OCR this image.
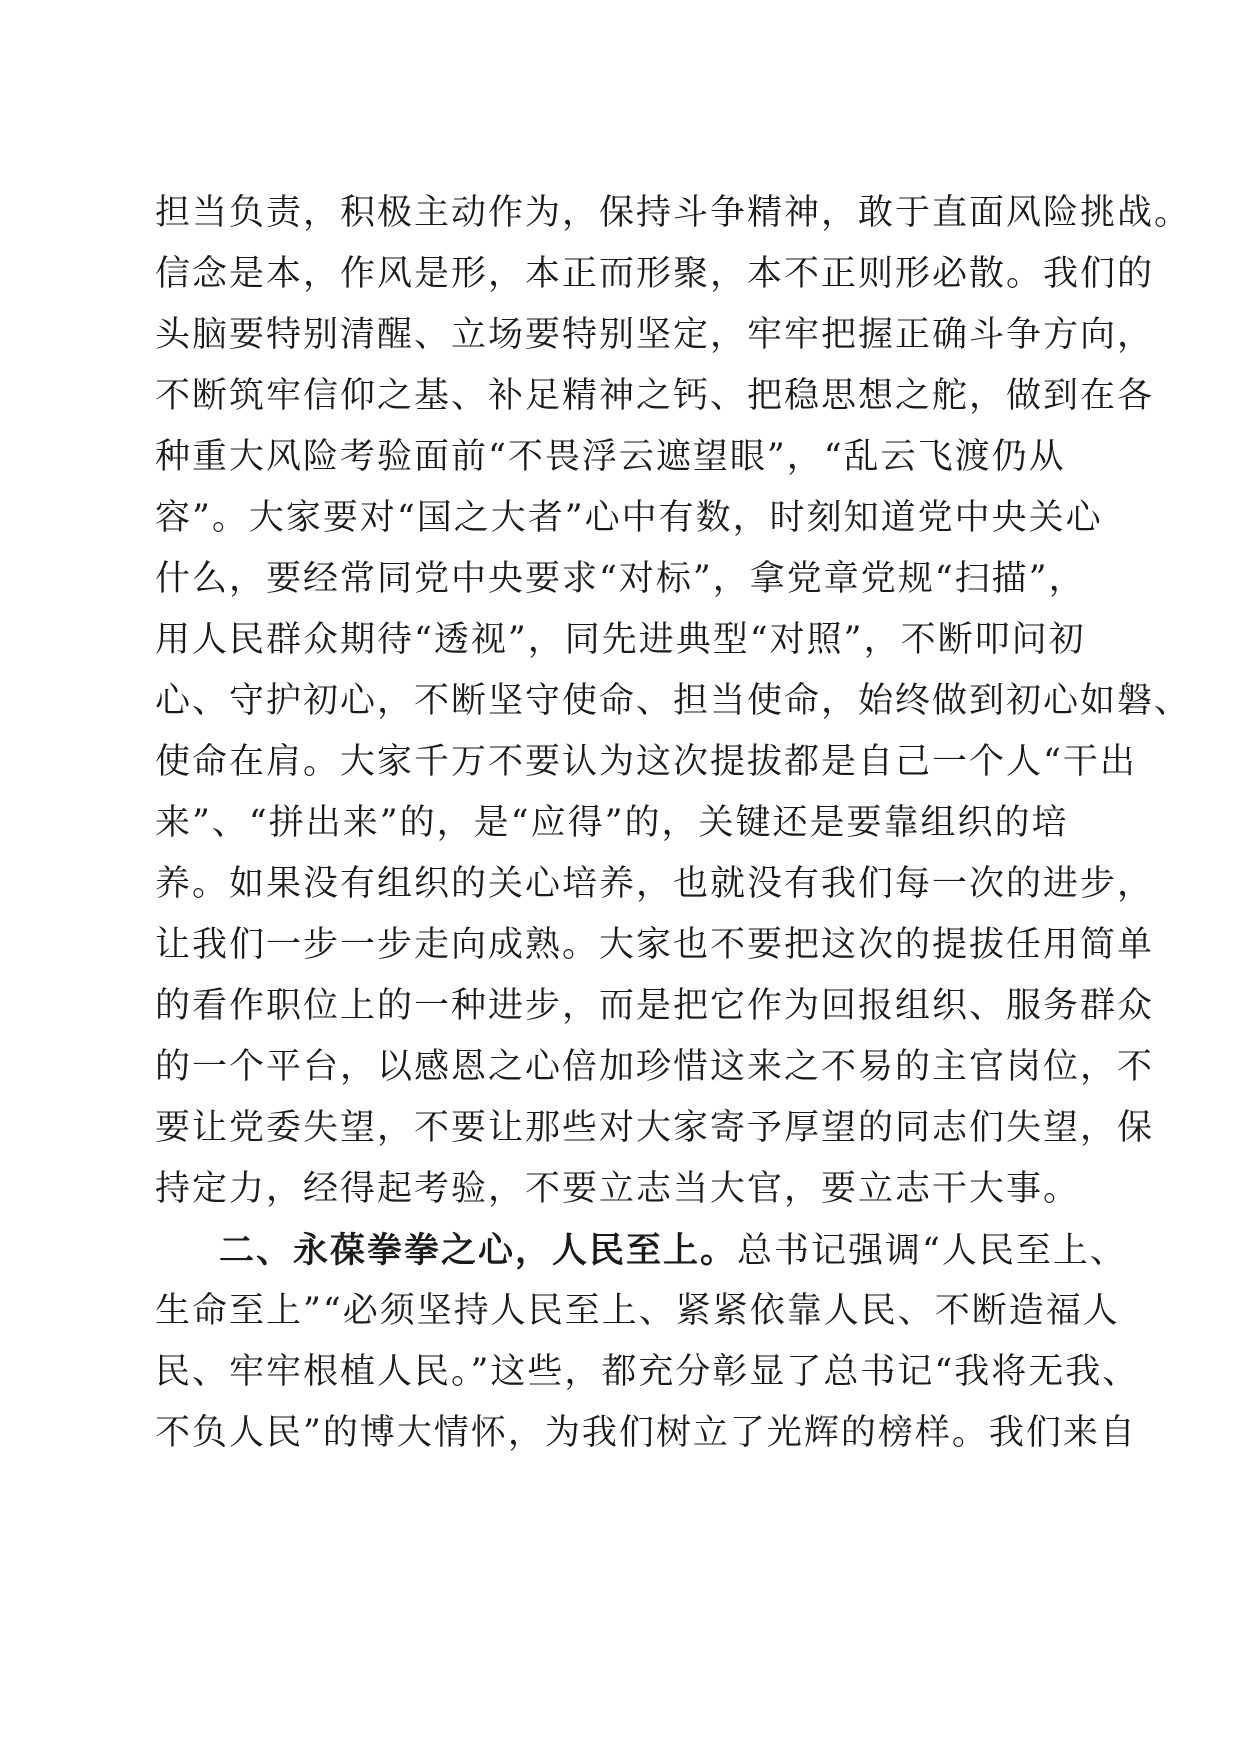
担当负责，积极主动作为，保持斗争精神，敢于直面风险挑战。
信念是本，作风是形，本正而形聚，本不正则形必散。我们的
头脑要特别清醒、立场要特别坚定，牢牢把握正确斗争方向，
不断筑牢信仰之基、补足精神之钙、把稳思想之舵，做到在各
种重大风险考验面前“不畏浮云遮望眼”，“乱云飞渡仍从
容”。大家要对“国之大者”心中有数，时刻知道党中央关心
什么，要经常同党中央要求“对标”，拿党章党规“扫描”，
用人民群众期待“透视”，同先进典型“对照”，不断叩问初
心、守护初心，不断坚守使命、担当使命，始终做到初心如磐、
使命在肩。大家千万不要认为这次提拔都是自己一个人“干出
来”、“拼出来”的，是“应得”的，关键还是要靠组织的培
养。如果没有组织的关心培养，也就没有我们每一次的进步，
让我们一步一步走向成熟。大家也不要把这次的提拔任用简单
的看作职位上的一种进步，而是把它作为回报组织、服务群众
的一个平台，以感恩之心倍加珍惜这来之不易的主官岗位，不
要让党委失望，不要让那些对大家寄予厚望的同志们失望，保
持定力，经得起考验，不要立志当大官，要立志干大事。
二、永葆拳拳之心，人民至上。总书记强调“人民至上、
生命至上”“必须坚持人民至上、紧紧依靠人民、不断造福人
民、牢牢根植人民。”这些，都充分彰显了总书记“我将无我、
不负人民”的博大情怀，为我们树立了光辉的榜样。我们来自
